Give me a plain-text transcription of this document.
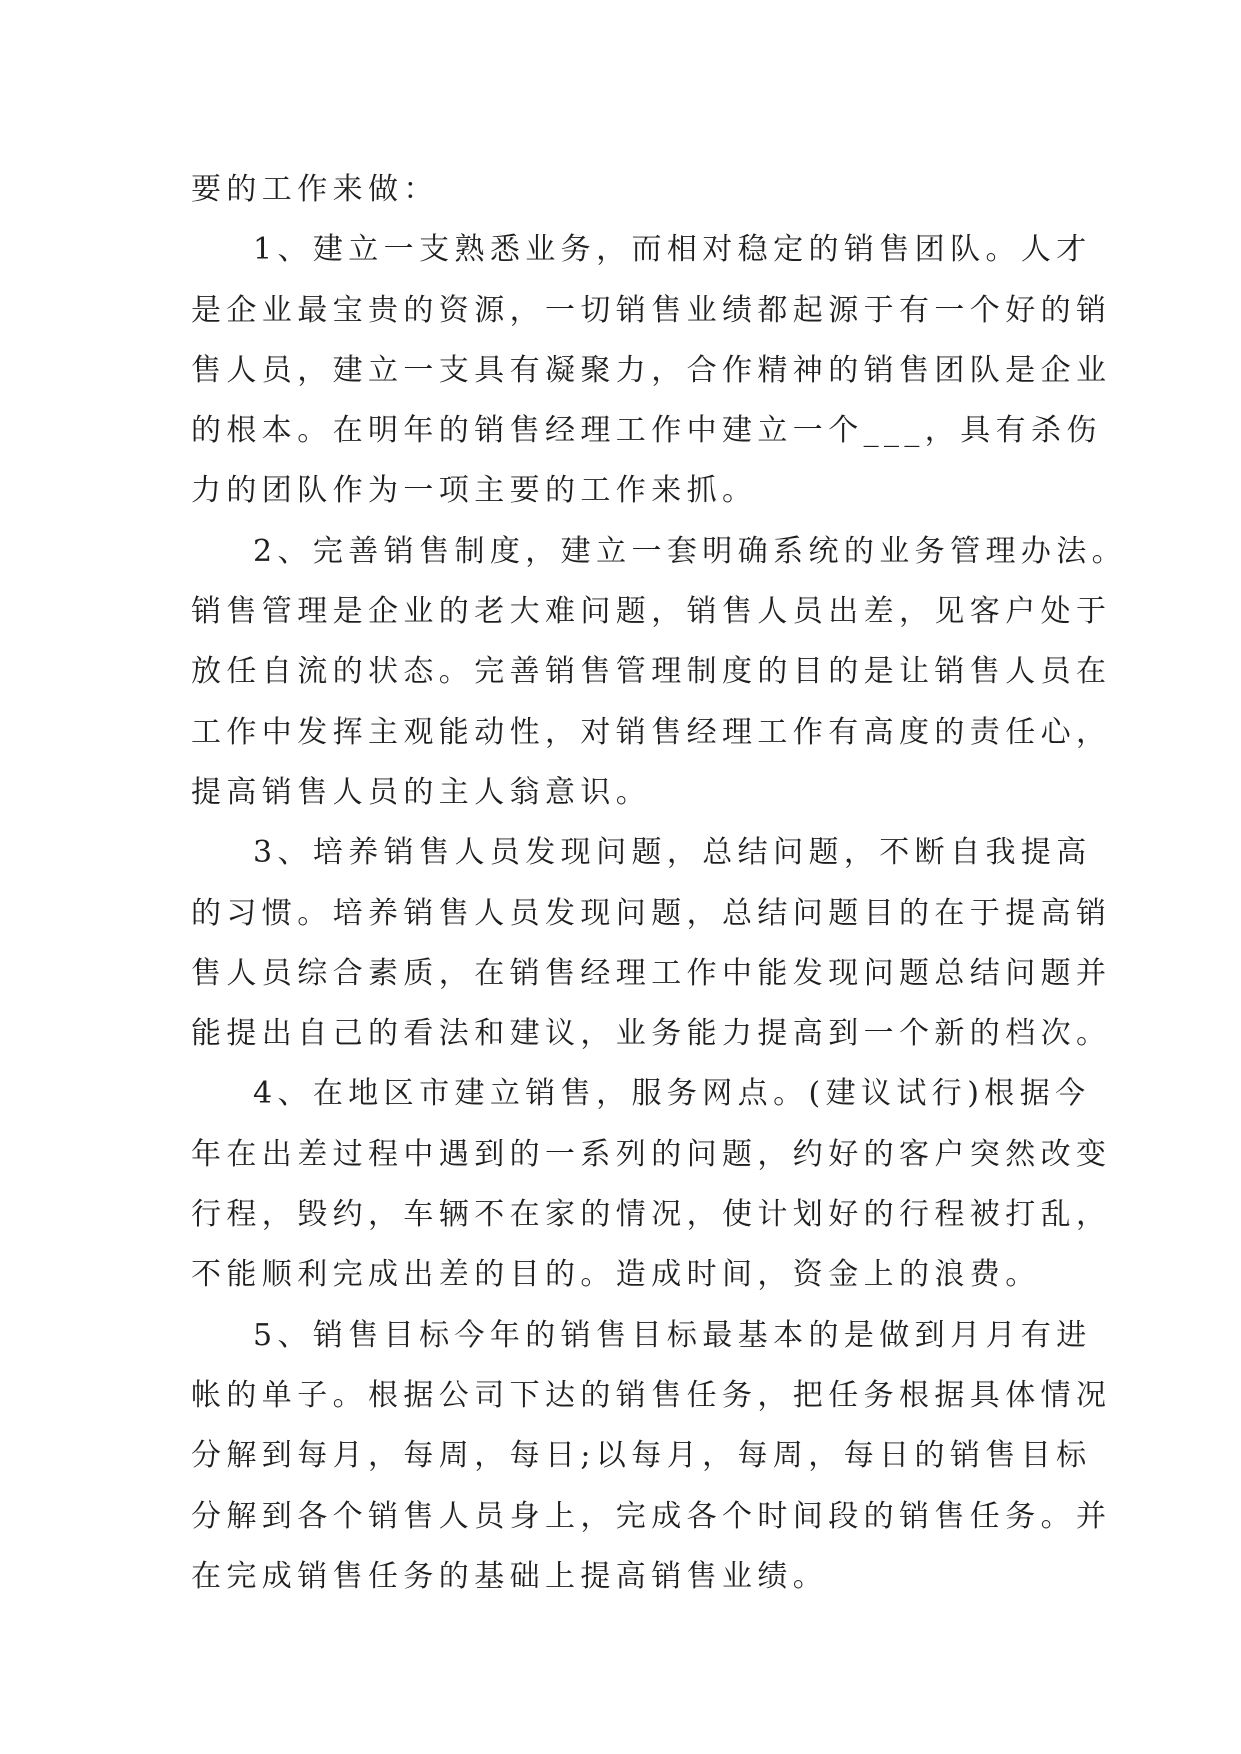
要的工作来做：
1、建立一支熟悉业务，而相对稳定的销售团队。人才
是企业最宝贵的资源，一切销售业绩都起源于有一个好的销
售人员，建立一支具有凝聚力，合作精神的销售团队是企业
的根本。在明年的销售经理工作中建立一个___，具有杀伤
力的团队作为一项主要的工作来抓。
2、完善销售制度，建立一套明确系统的业务管理办法。
销售管理是企业的老大难问题，销售人员出差，见客户处于
放任自流的状态。完善销售管理制度的目的是让销售人员在
工作中发挥主观能动性，对销售经理工作有高度的责任心，
提高销售人员的主人翁意识。
3、培养销售人员发现问题，总结问题，不断自我提高
的习惯。培养销售人员发现问题，总结问题目的在于提高销
售人员综合素质，在销售经理工作中能发现问题总结问题并
能提出自己的看法和建议，业务能力提高到一个新的档次。
4、在地区市建立销售，服务网点。(建议试行)根据今
年在出差过程中遇到的一系列的问题，约好的客户突然改变
行程，毁约，车辆不在家的情况，使计划好的行程被打乱，
不能顺利完成出差的目的。造成时间，资金上的浪费。
5、销售目标今年的销售目标最基本的是做到月月有进
帐的单子。根据公司下达的销售任务，把任务根据具体情况
分解到每月，每周，每日;以每月，每周，每日的销售目标
分解到各个销售人员身上，完成各个时间段的销售任务。并
在完成销售任务的基础上提高销售业绩。
